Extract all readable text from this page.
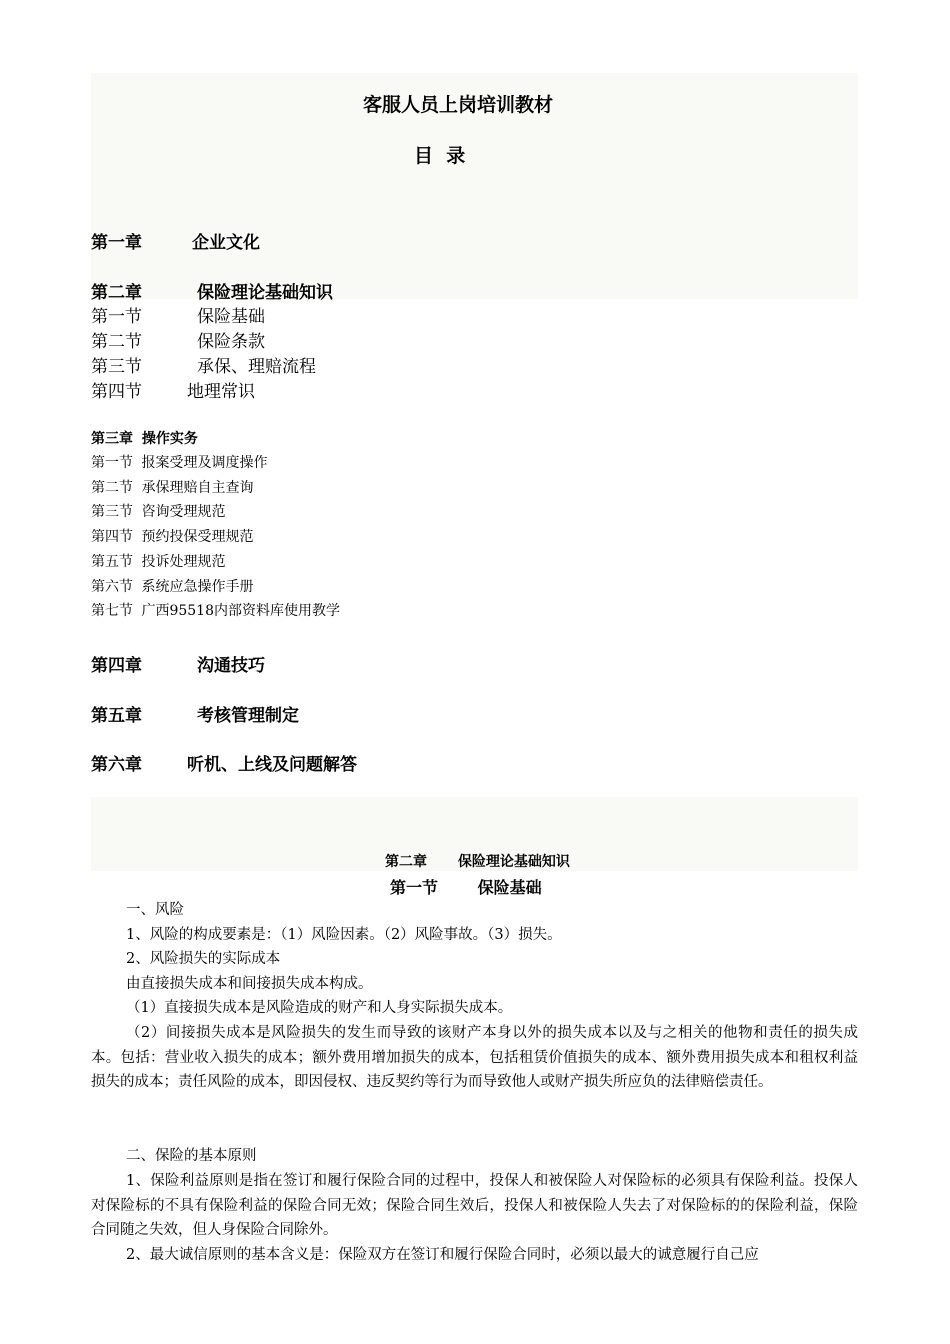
客服人员上岗培训教材
目  录
第一章	企业文化
第二章	保险理论基础知识
第一节	保险基础
第二节	保险条款
第三节	承保、理赔流程
第四节	地理常识
第三章 操作实务
第一节 报案受理及调度操作
第二节 承保理赔自主查询
第三节 咨询受理规范
第四节 预约投保受理规范
第五节 投诉处理规范
第六节 系统应急操作手册
第七节 广西95518内部资料库使用教学
第四章	沟通技巧
第五章	考核管理制定
第六章	听机、上线及问题解答
第二章 保险理论基础知识
第一节 保险基础
一、风险
1、风险的构成要素是：（1）风险因素。（2）风险事故。（3）损失。
2、风险损失的实际成本
由直接损失成本和间接损失成本构成。
（1）直接损失成本是风险造成的财产和人身实际损失成本。
（2）间接损失成本是风险损失的发生而导致的该财产本身以外的损失成本以及与之相关的他物和责任的损失成本。包括：营业收入损失的成本；额外费用增加损失的成本，包括租赁价值损失的成本、额外费用损失成本和租权利益损失的成本；责任风险的成本，即因侵权、违反契约等行为而导致他人或财产损失所应负的法律赔偿责任。
二、保险的基本原则
1、保险利益原则是指在签订和履行保险合同的过程中，投保人和被保险人对保险标的必须具有保险利益。投保人对保险标的不具有保险利益的保险合同无效；保险合同生效后，投保人和被保险人失去了对保险标的的保险利益，保险合同随之失效，但人身保险合同除外。
2、最大诚信原则的基本含义是：保险双方在签订和履行保险合同时，必须以最大的诚意履行自己应
